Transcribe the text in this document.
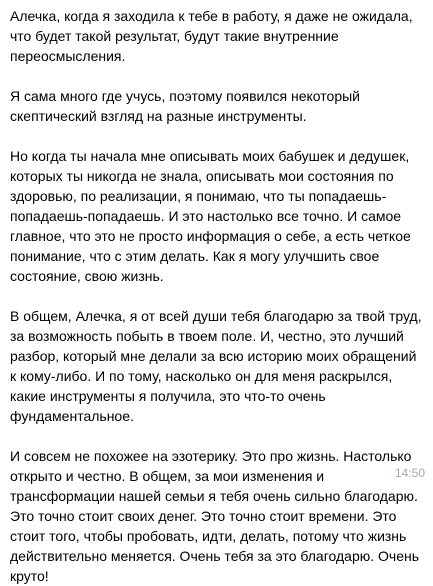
Алечка, когда я заходила к тебе в работу, я даже не ожидала, что будет такой результат, будут такие внутренние переосмысления.

Я сама много где учусь, поэтому появился некоторый скептический взгляд на разные инструменты.

Но когда ты начала мне описывать моих бабушек и дедушек, которых ты никогда не знала, описывать мои состояния по здоровью, по реализации, я понимаю, что ты попадаешь-попадаешь-попадаешь. И это настолько все точно. И самое главное, что это не просто информация о себе, а есть четкое понимание, что с этим делать. Как я могу улучшить свое состояние, свою жизнь.

В общем, Алечка, я от всей души тебя благодарю за твой труд, за возможность побыть в твоем поле. И, честно, это лучший разбор, который мне делали за всю историю моих обращений к кому-либо. И по тому, насколько он для меня раскрылся, какие инструменты я получила, это что-то очень фундаментальное.

И совсем не похожее на эзотерику. Это про жизнь. Настолько открыто и честно. В общем, за мои изменения и трансформации нашей семьи я тебя очень сильно благодарю. Это точно стоит своих денег. Это точно стоит времени. Это стоит того, чтобы пробовать, идти, делать, потому что жизнь действительно меняется. Очень тебя за это благодарю. Очень круто!

14:50
